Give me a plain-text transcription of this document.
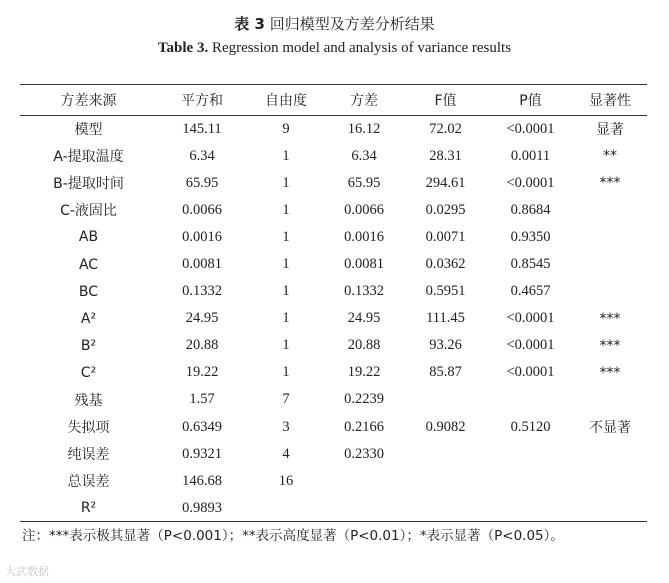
表 3 回归模型及方差分析结果
Table 3. Regression model and analysis of variance results
方差来源	平方和	自由度	方差	F值	P值	显著性
模型	145.11	9	16.12	72.02	<0.0001	显著
A-提取温度	6.34	1	6.34	28.31	0.0011	**
B-提取时间	65.95	1	65.95	294.61	<0.0001	***
C-液固比	0.0066	1	0.0066	0.0295	0.8684	
AB	0.0016	1	0.0016	0.0071	0.9350	
AC	0.0081	1	0.0081	0.0362	0.8545	
BC	0.1332	1	0.1332	0.5951	0.4657	
A²	24.95	1	24.95	111.45	<0.0001	***
B²	20.88	1	20.88	93.26	<0.0001	***
C²	19.22	1	19.22	85.87	<0.0001	***
残基	1.57	7	0.2239			
失拟项	0.6349	3	0.2166	0.9082	0.5120	不显著
纯误差	0.9321	4	0.2330			
总误差	146.68	16				
R²	0.9893					
注：***表示极其显著（P<0.001）；**表示高度显著（P<0.01）；*表示显著（P<0.05）。
大武数据
